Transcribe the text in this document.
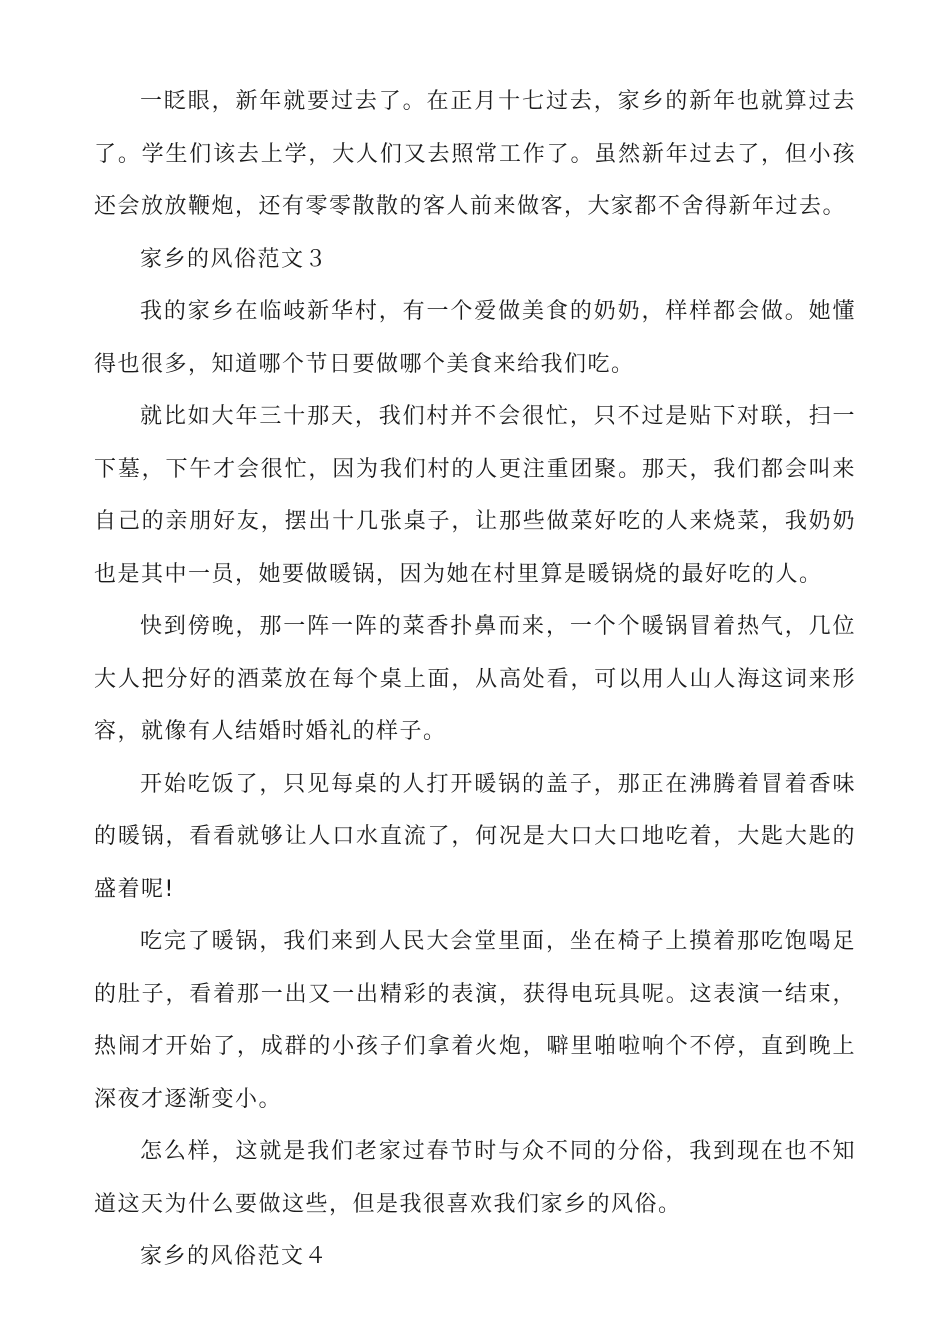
一眨眼，新年就要过去了。在正月十七过去，家乡的新年也就算过去了。学生们该去上学，大人们又去照常工作了。虽然新年过去了，但小孩还会放放鞭炮，还有零零散散的客人前来做客，大家都不舍得新年过去。

家乡的风俗范文３

我的家乡在临岐新华村，有一个爱做美食的奶奶，样样都会做。她懂得也很多，知道哪个节日要做哪个美食来给我们吃。

就比如大年三十那天，我们村并不会很忙，只不过是贴下对联，扫一下墓，下午才会很忙，因为我们村的人更注重团聚。那天，我们都会叫来自己的亲朋好友，摆出十几张桌子，让那些做菜好吃的人来烧菜，我奶奶也是其中一员，她要做暖锅，因为她在村里算是暖锅烧的最好吃的人。

快到傍晚，那一阵一阵的菜香扑鼻而来，一个个暖锅冒着热气，几位大人把分好的酒菜放在每个桌上面，从高处看，可以用人山人海这词来形容，就像有人结婚时婚礼的样子。

开始吃饭了，只见每桌的人打开暖锅的盖子，那正在沸腾着冒着香味的暖锅，看看就够让人口水直流了，何况是大口大口地吃着，大匙大匙的盛着呢!

吃完了暖锅，我们来到人民大会堂里面，坐在椅子上摸着那吃饱喝足的肚子，看着那一出又一出精彩的表演，获得电玩具呢。这表演一结束，热闹才开始了，成群的小孩子们拿着火炮，噼里啪啦响个不停，直到晚上深夜才逐渐变小。

怎么样，这就是我们老家过春节时与众不同的分俗，我到现在也不知道这天为什么要做这些，但是我很喜欢我们家乡的风俗。

家乡的风俗范文４
